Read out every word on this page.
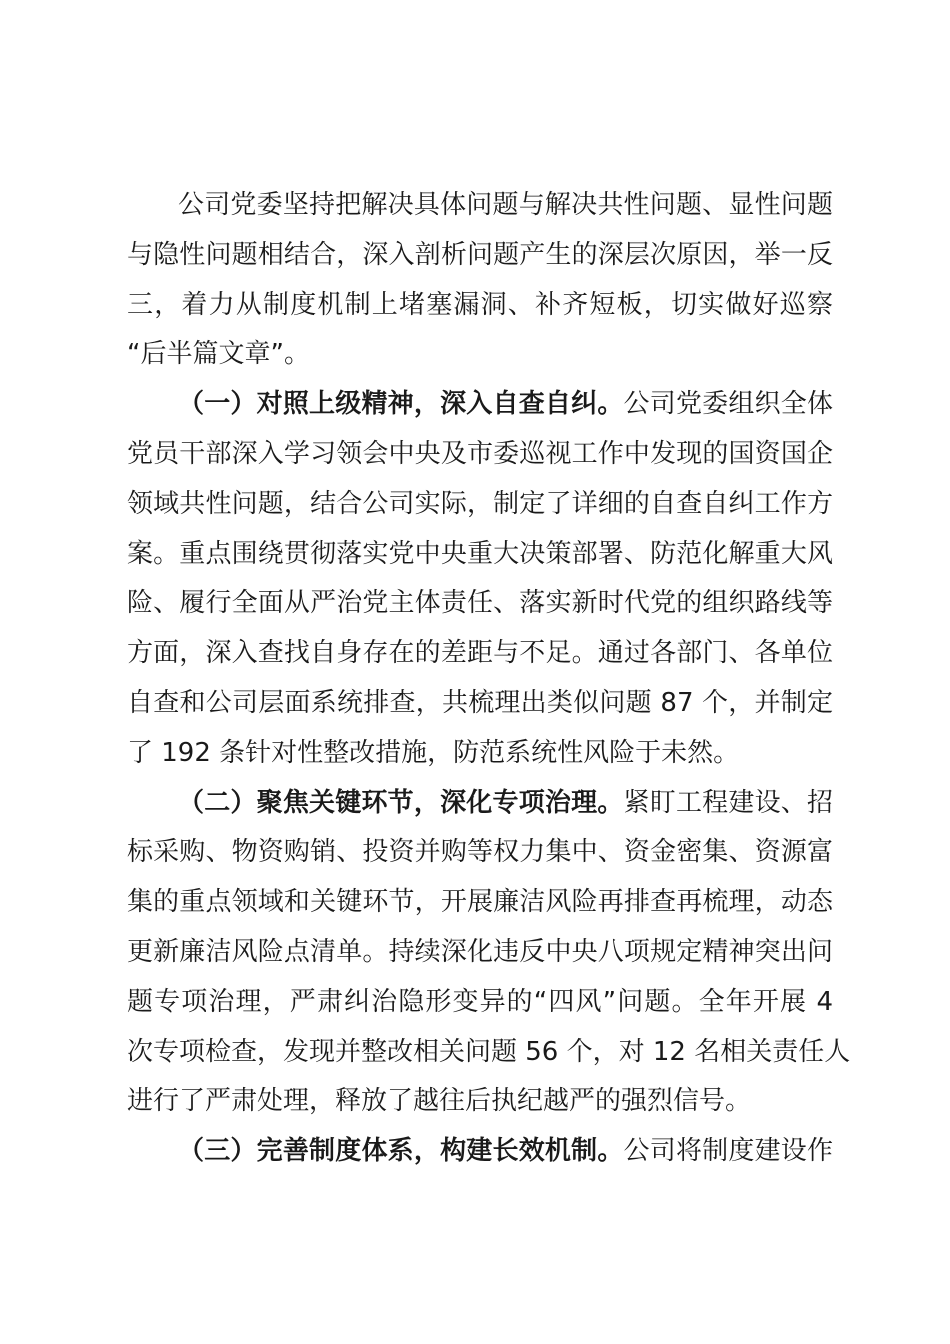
公司党委坚持把解决具体问题与解决共性问题、显性问题
与隐性问题相结合，深入剖析问题产生的深层次原因，举一反
三，着力从制度机制上堵塞漏洞、补齐短板，切实做好巡察
“后半篇文章”。
（一）对照上级精神，深入自查自纠。公司党委组织全体
党员干部深入学习领会中央及市委巡视工作中发现的国资国企
领域共性问题，结合公司实际，制定了详细的自查自纠工作方
案。重点围绕贯彻落实党中央重大决策部署、防范化解重大风
险、履行全面从严治党主体责任、落实新时代党的组织路线等
方面，深入查找自身存在的差距与不足。通过各部门、各单位
自查和公司层面系统排查，共梳理出类似问题 87 个，并制定
了 192 条针对性整改措施，防范系统性风险于未然。
（二）聚焦关键环节，深化专项治理。紧盯工程建设、招
标采购、物资购销、投资并购等权力集中、资金密集、资源富
集的重点领域和关键环节，开展廉洁风险再排查再梳理，动态
更新廉洁风险点清单。持续深化违反中央八项规定精神突出问
题专项治理，严肃纠治隐形变异的“四风”问题。全年开展 4
次专项检查，发现并整改相关问题 56 个，对 12 名相关责任人
进行了严肃处理，释放了越往后执纪越严的强烈信号。
（三）完善制度体系，构建长效机制。公司将制度建设作
